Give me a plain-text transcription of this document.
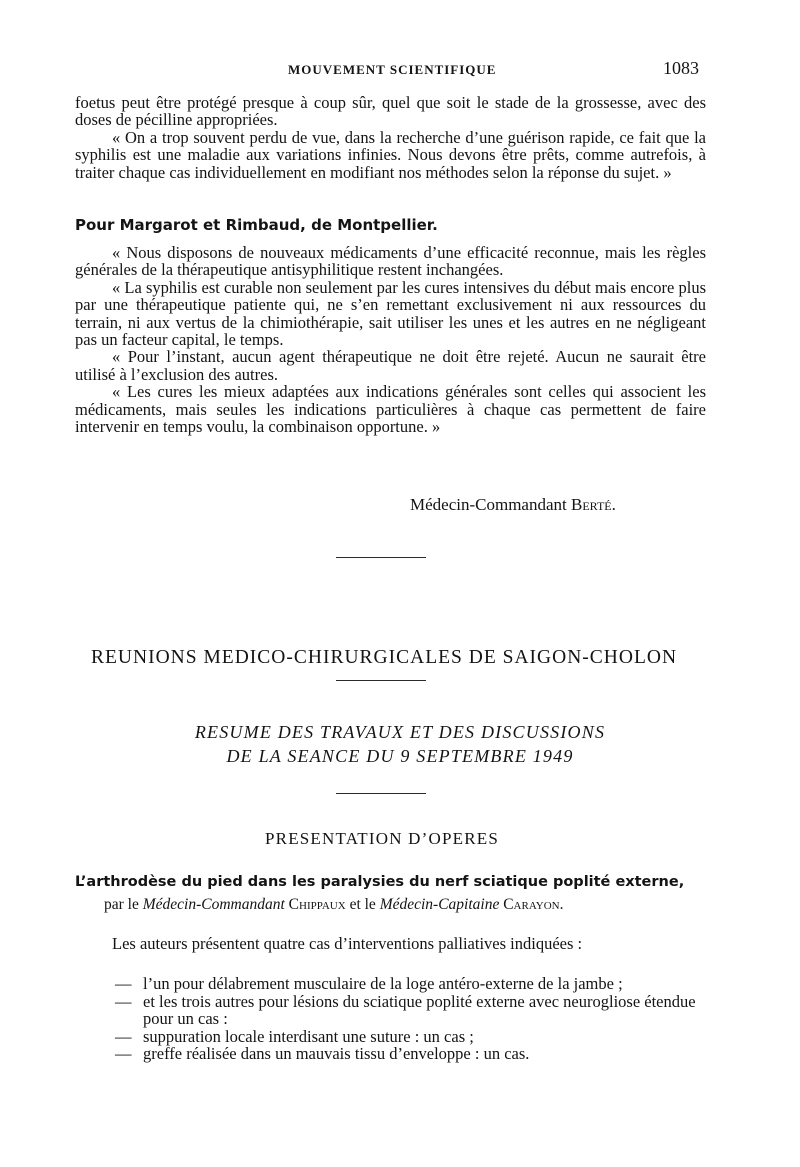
MOUVEMENT SCIENTIFIQUE	1083

foetus peut être protégé presque à coup sûr, quel que soit le stade de la grossesse, avec des doses de pécilline appropriées.

« On a trop souvent perdu de vue, dans la recherche d’une guérison rapide, ce fait que la syphilis est une maladie aux variations infinies. Nous devons être prêts, comme autrefois, à traiter chaque cas individuellement en modifiant nos méthodes selon la réponse du sujet. »

Pour Margarot et Rimbaud, de Montpellier.

« Nous disposons de nouveaux médicaments d’une efficacité reconnue, mais les règles générales de la thérapeutique antisyphilitique restent inchangées.

« La syphilis est curable non seulement par les cures intensives du début mais encore plus par une thérapeutique patiente qui, ne s’en remettant exclusivement ni aux ressources du terrain, ni aux vertus de la chimiothérapie, sait utiliser les unes et les autres en ne négligeant pas un facteur capital, le temps.

« Pour l’instant, aucun agent thérapeutique ne doit être rejeté. Aucun ne saurait être utilisé à l’exclusion des autres.

« Les cures les mieux adaptées aux indications générales sont celles qui associent les médicaments, mais seules les indications particulières à chaque cas permettent de faire intervenir en temps voulu, la combinaison opportune. »

Médecin-Commandant Berté.
REUNIONS MEDICO-CHIRURGICALES DE SAIGON-CHOLON
RESUME DES TRAVAUX ET DES DISCUSSIONS
DE LA SEANCE DU 9 SEPTEMBRE 1949
PRESENTATION D’OPERES
L’arthrodèse du pied dans les paralysies du nerf sciatique poplité externe,
par le Médecin-Commandant Chippaux et le Médecin-Capitaine Carayon.

Les auteurs présentent quatre cas d’interventions palliatives indiquées :

— l’un pour délabrement musculaire de la loge antéro-externe de la jambe ;
— et les trois autres pour lésions du sciatique poplité externe avec neurogliose étendue pour un cas :
— suppuration locale interdisant une suture : un cas ;
— greffe réalisée dans un mauvais tissu d’enveloppe : un cas.
